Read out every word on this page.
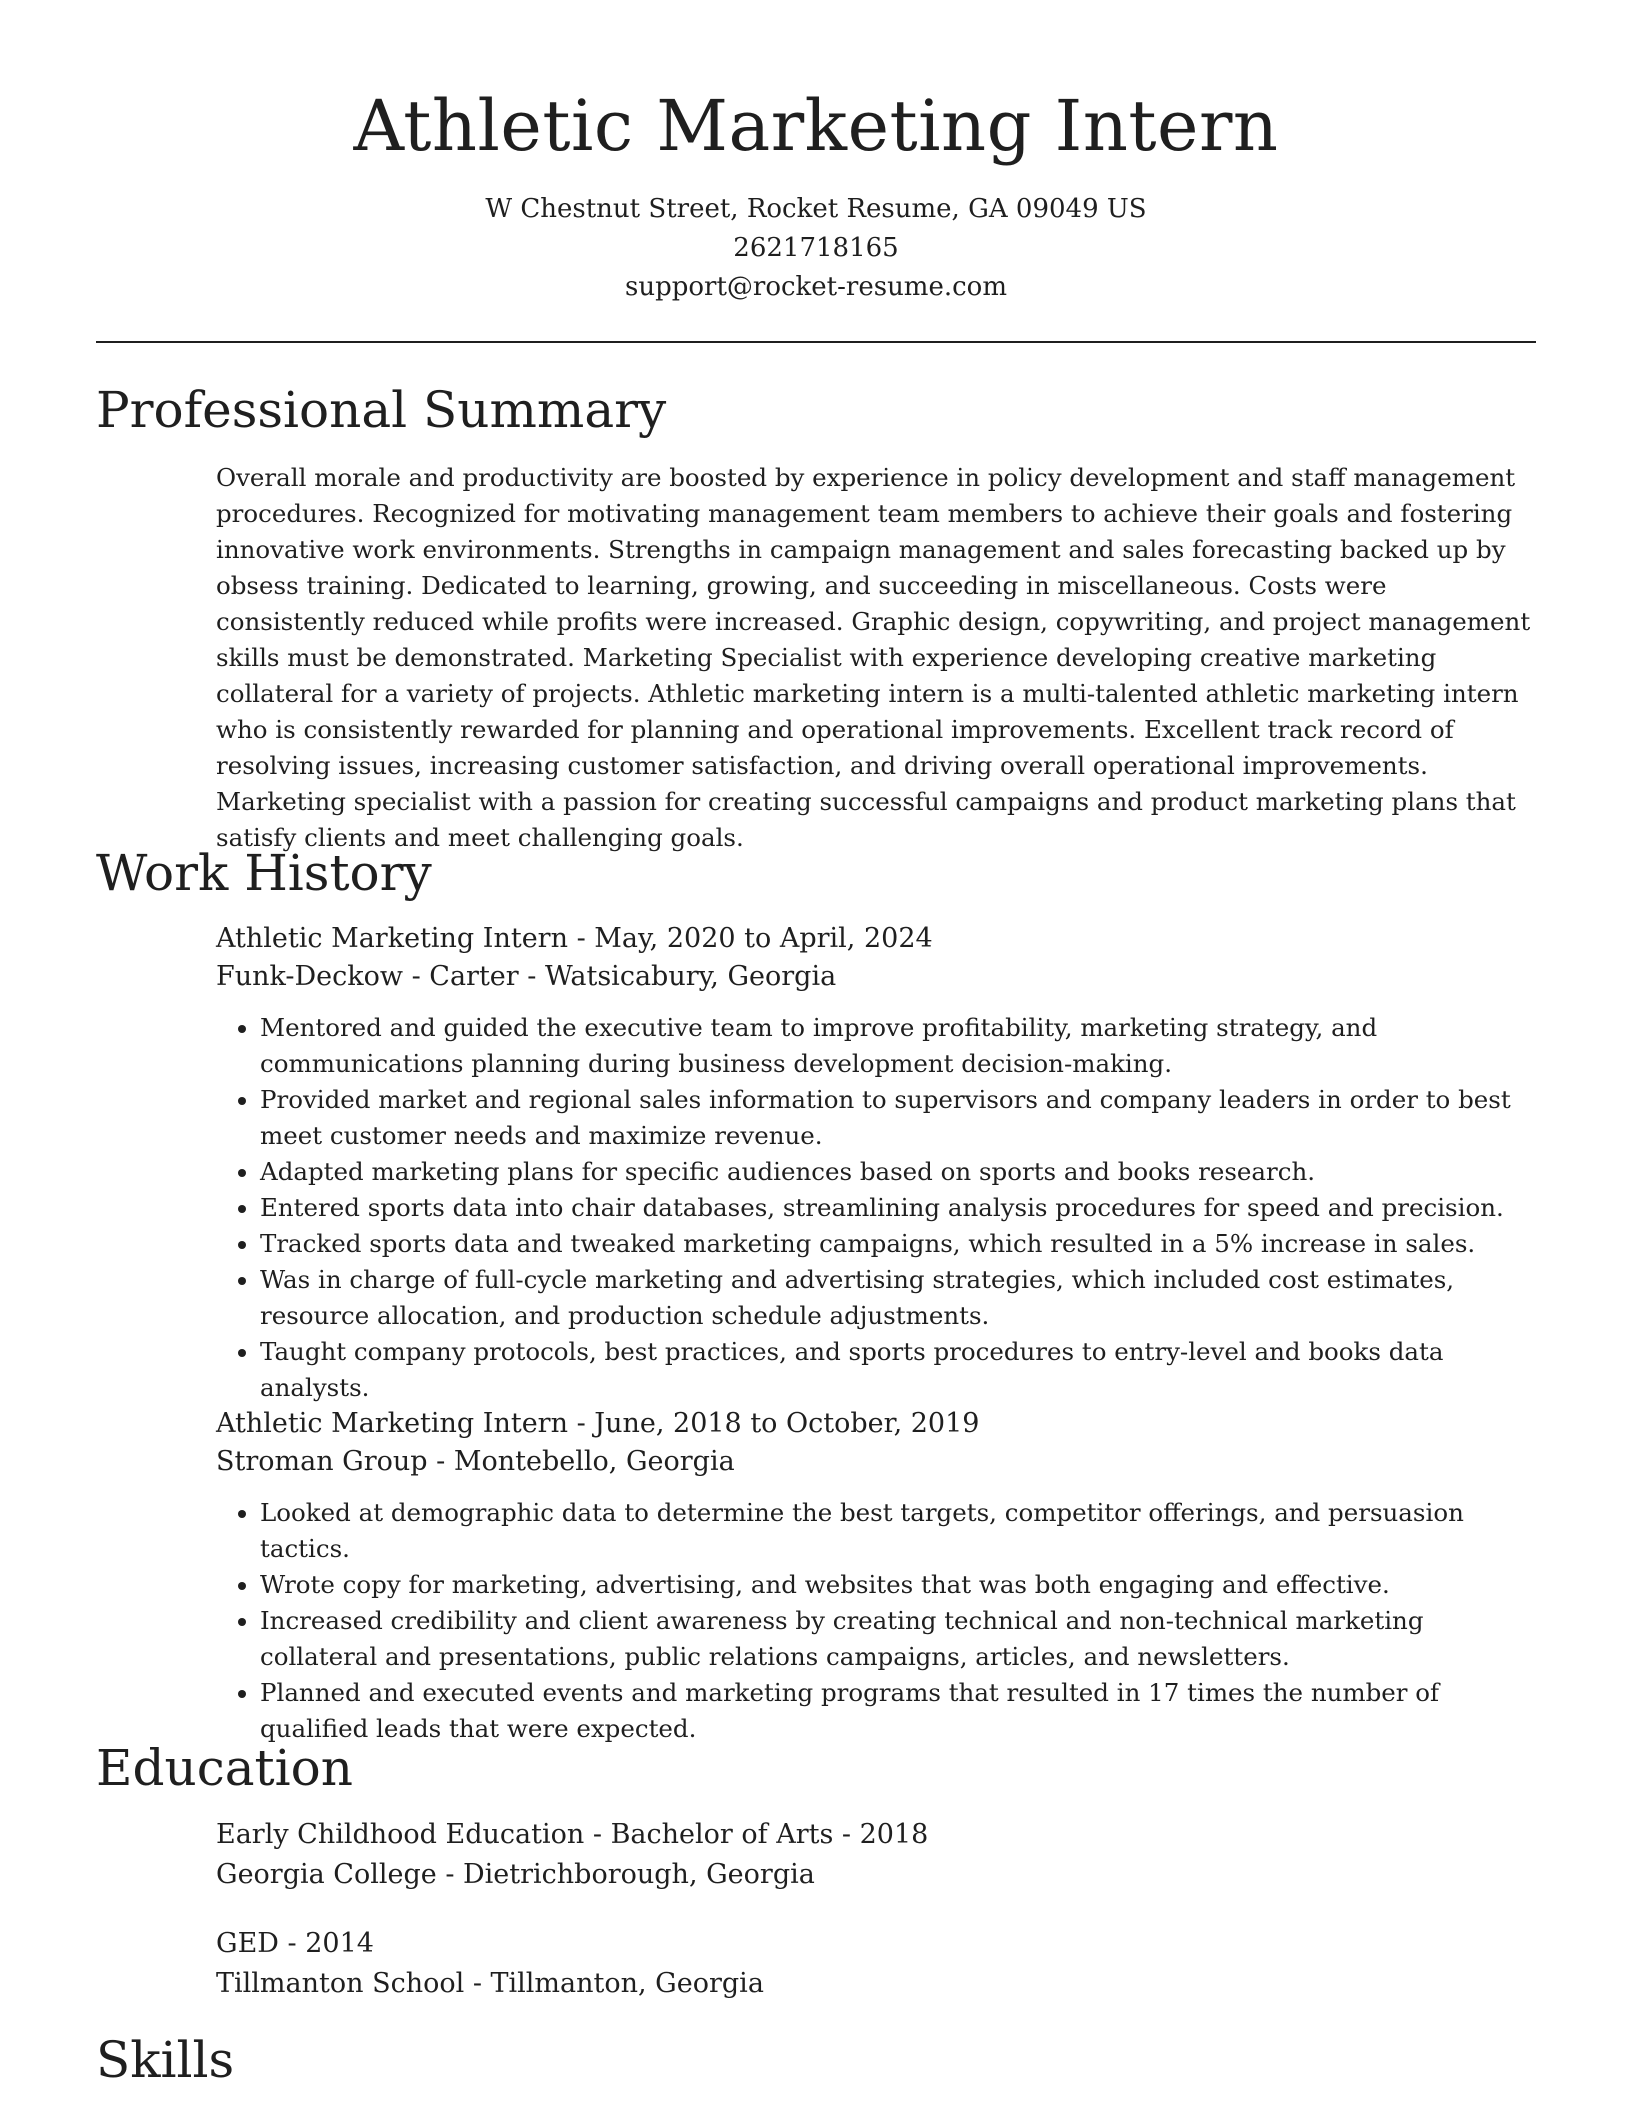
Athletic Marketing Intern
W Chestnut Street, Rocket Resume, GA 09049 US
2621718165
support@rocket-resume.com
Professional Summary

Overall morale and productivity are boosted by experience in policy development and staff management procedures. Recognized for motivating management team members to achieve their goals and fostering innovative work environments. Strengths in campaign management and sales forecasting backed up by obsess training. Dedicated to learning, growing, and succeeding in miscellaneous. Costs were consistently reduced while profits were increased. Graphic design, copywriting, and project management skills must be demonstrated. Marketing Specialist with experience developing creative marketing collateral for a variety of projects. Athletic marketing intern is a multi-talented athletic marketing intern who is consistently rewarded for planning and operational improvements. Excellent track record of resolving issues, increasing customer satisfaction, and driving overall operational improvements. Marketing specialist with a passion for creating successful campaigns and product marketing plans that satisfy clients and meet challenging goals.

Work History

Athletic Marketing Intern - May, 2020 to April, 2024

Funk-Deckow - Carter - Watsicabury, Georgia

• Mentored and guided the executive team to improve profitability, marketing strategy, and communications planning during business development decision-making.
• Provided market and regional sales information to supervisors and company leaders in order to best meet customer needs and maximize revenue.
• Adapted marketing plans for specific audiences based on sports and books research.
• Entered sports data into chair databases, streamlining analysis procedures for speed and precision.
• Tracked sports data and tweaked marketing campaigns, which resulted in a 5% increase in sales.
• Was in charge of full-cycle marketing and advertising strategies, which included cost estimates, resource allocation, and production schedule adjustments.
• Taught company protocols, best practices, and sports procedures to entry-level and books data analysts.

Athletic Marketing Intern - June, 2018 to October, 2019

Stroman Group - Montebello, Georgia

• Looked at demographic data to determine the best targets, competitor offerings, and persuasion tactics.
• Wrote copy for marketing, advertising, and websites that was both engaging and effective.
• Increased credibility and client awareness by creating technical and non-technical marketing collateral and presentations, public relations campaigns, articles, and newsletters.
• Planned and executed events and marketing programs that resulted in 17 times the number of qualified leads that were expected.
Education

Early Childhood Education - Bachelor of Arts - 2018

Georgia College - Dietrichborough, Georgia

GED - 2014

Tillmanton School - Tillmanton, Georgia

Skills
